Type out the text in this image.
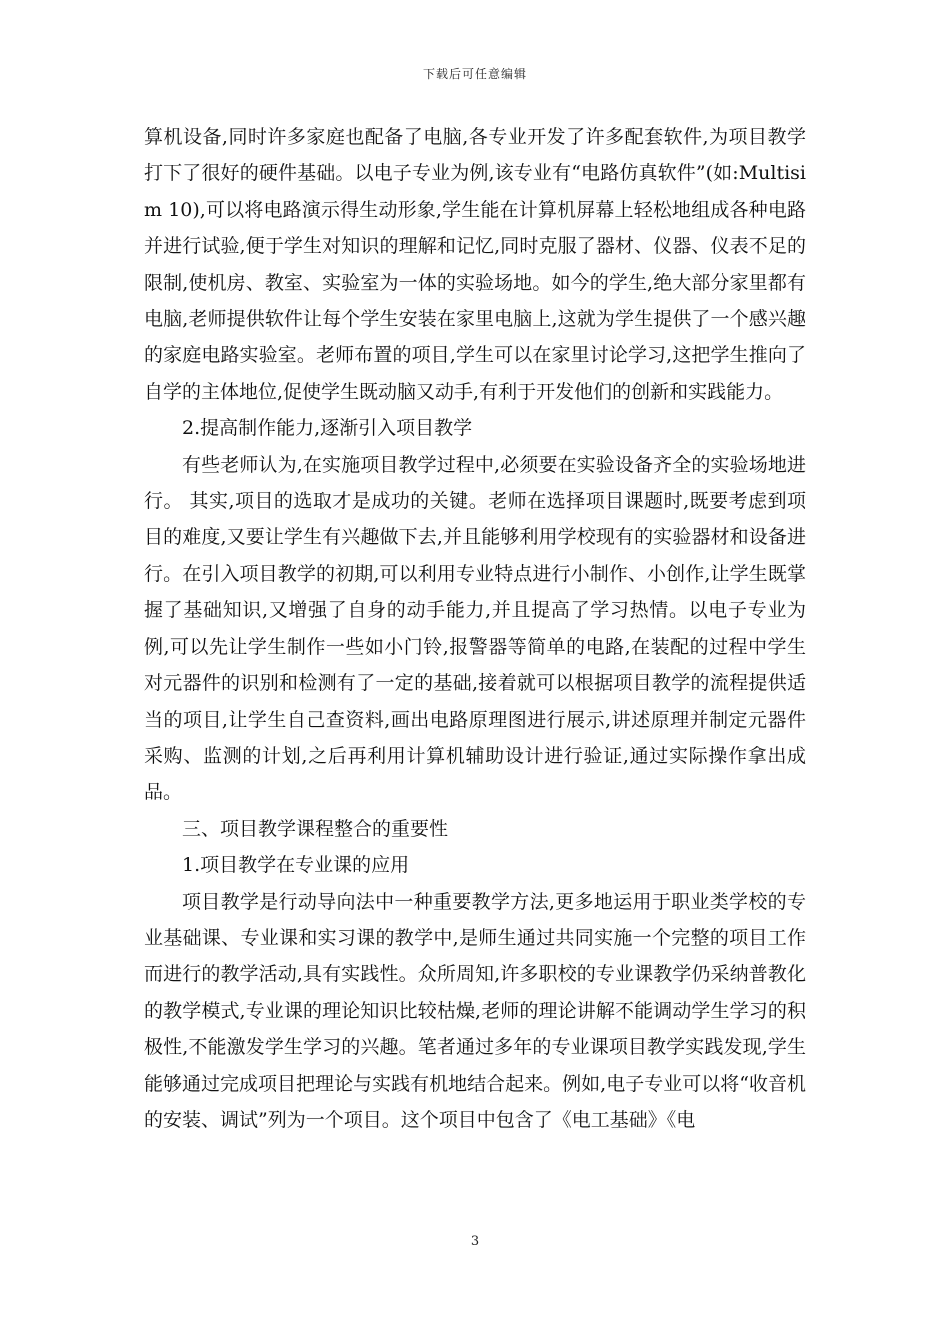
下载后可任意编辑

算机设备,同时许多家庭也配备了电脑,各专业开发了许多配套软件,为项目教学打下了很好的硬件基础。以电子专业为例,该专业有“电路仿真软件”(如:Multisim 10),可以将电路演示得生动形象,学生能在计算机屏幕上轻松地组成各种电路并进行试验,便于学生对知识的理解和记忆,同时克服了器材、仪器、仪表不足的限制,使机房、教室、实验室为一体的实验场地。如今的学生,绝大部分家里都有电脑,老师提供软件让每个学生安装在家里电脑上,这就为学生提供了一个感兴趣的家庭电路实验室。老师布置的项目,学生可以在家里讨论学习,这把学生推向了自学的主体地位,促使学生既动脑又动手,有利于开发他们的创新和实践能力。

2.提高制作能力,逐渐引入项目教学

有些老师认为,在实施项目教学过程中,必须要在实验设备齐全的实验场地进行。 其实,项目的选取才是成功的关键。老师在选择项目课题时,既要考虑到项目的难度,又要让学生有兴趣做下去,并且能够利用学校现有的实验器材和设备进行。在引入项目教学的初期,可以利用专业特点进行小制作、小创作,让学生既掌握了基础知识,又增强了自身的动手能力,并且提高了学习热情。以电子专业为例,可以先让学生制作一些如小门铃,报警器等简单的电路,在装配的过程中学生对元器件的识别和检测有了一定的基础,接着就可以根据项目教学的流程提供适当的项目,让学生自己查资料,画出电路原理图进行展示,讲述原理并制定元器件采购、监测的计划,之后再利用计算机辅助设计进行验证,通过实际操作拿出成品。

三、项目教学课程整合的重要性

1.项目教学在专业课的应用

项目教学是行动导向法中一种重要教学方法,更多地运用于职业类学校的专业基础课、专业课和实习课的教学中,是师生通过共同实施一个完整的项目工作而进行的教学活动,具有实践性。众所周知,许多职校的专业课教学仍采纳普教化的教学模式,专业课的理论知识比较枯燥,老师的理论讲解不能调动学生学习的积极性,不能激发学生学习的兴趣。笔者通过多年的专业课项目教学实践发现,学生能够通过完成项目把理论与实践有机地结合起来。例如,电子专业可以将“收音机的安装、调试”列为一个项目。这个项目中包含了《电工基础》《电

3
